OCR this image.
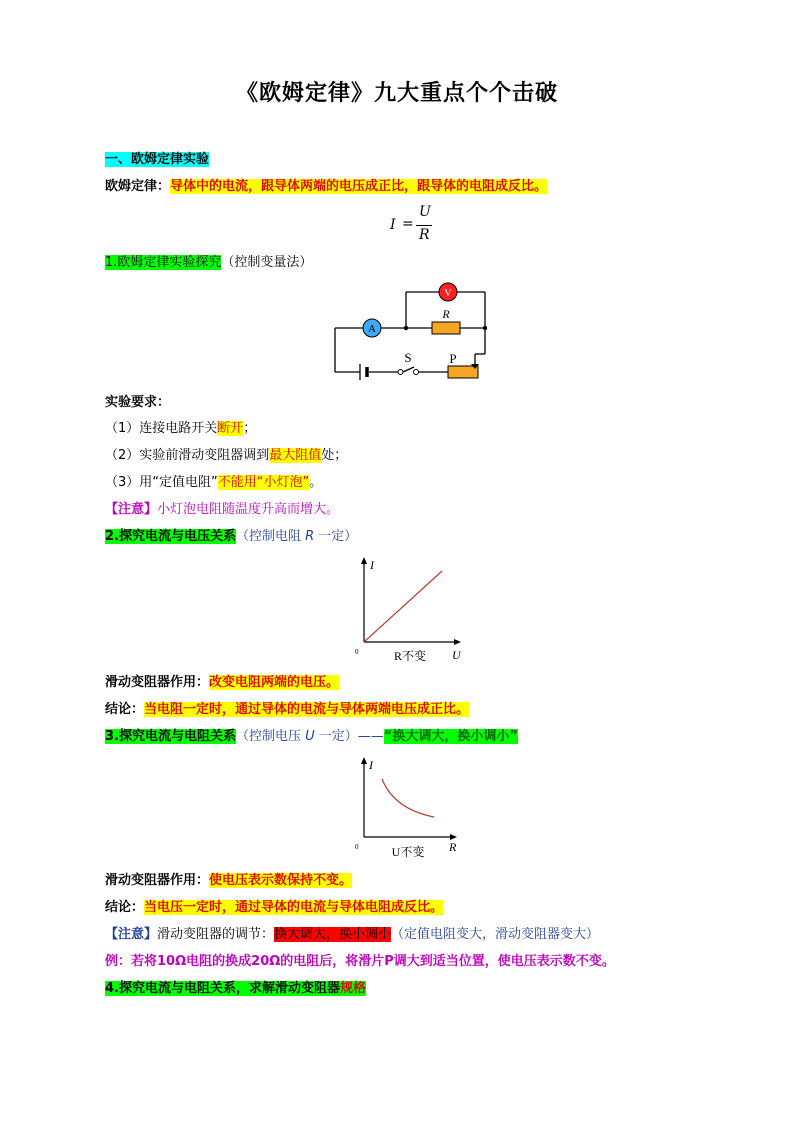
《欧姆定律》九大重点个个击破
一、欧姆定律实验
欧姆定律：导体中的电流，跟导体两端的电压成正比，跟导体的电阻成反比。
I =
U
R
1.欧姆定律实验探究（控制变量法）
V
A
R
S	P
实验要求：
（1）连接电路开关断开；
（2）实验前滑动变阻器调到最大阻值处；
（3）用“定值电阻”不能用“小灯泡”。
【注意】小灯泡电阻随温度升高而增大。
2.探究电流与电压关系（控制电阻 R 一定）
I
0	U
R不变
滑动变阻器作用：改变电阻两端的电压。
结论：当电阻一定时，通过导体的电流与导体两端电压成正比。
3.探究电流与电阻关系（控制电压 U 一定）——“换大调大，换小调小”
I
0	R
U不变
滑动变阻器作用：使电压表示数保持不变。
结论：当电压一定时，通过导体的电流与导体电阻成反比。
【注意】滑动变阻器的调节：换大调大，换小调小（定值电阻变大，滑动变阻器变大）
例：若将10Ω电阻的换成20Ω的电阻后，将滑片P调大到适当位置，使电压表示数不变。
4.探究电流与电阻关系，求解滑动变阻器规格
